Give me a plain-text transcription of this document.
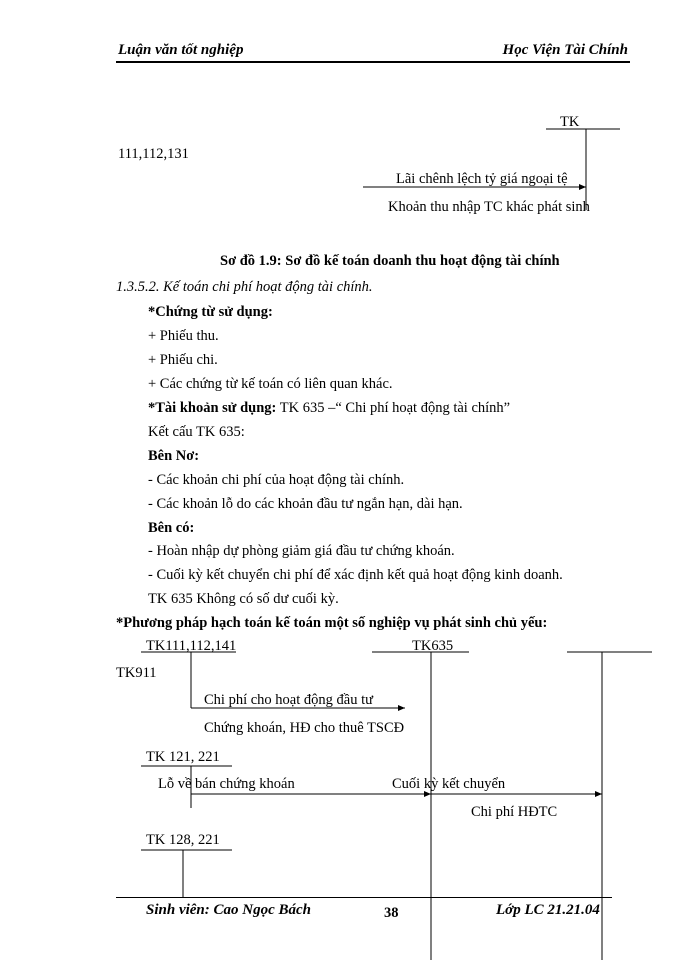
Luận văn tốt nghiệp	Học Viện Tài Chính
TK
111,112,131
Lãi chênh lệch tỷ giá ngoại tệ
Khoản thu nhập TC khác phát sinh
Sơ đồ 1.9: Sơ đồ kế toán doanh thu hoạt động tài chính
1.3.5.2. Kế toán chi phí hoạt động tài chính.
*Chứng từ sử dụng:
+ Phiếu thu.
+ Phiếu chi.
+ Các chứng từ kế toán có liên quan khác.
*Tài khoản sử dụng: TK 635 –“ Chi phí hoạt động tài chính”
Kết cấu TK 635:
Bên Nơ:
- Các khoản chi phí của hoạt động tài chính.
- Các khoản lỗ do các khoản đầu tư ngắn hạn, dài hạn.
Bên có:
- Hoàn nhập dự phòng giảm giá đầu tư chứng khoán.
- Cuối kỳ kết chuyển chi phí để xác định kết quả hoạt động kinh doanh.
TK 635 Không có số dư cuối kỳ.
*Phương pháp hạch toán kế toán một số nghiệp vụ phát sinh chủ yếu:
TK111,112,141	TK635
TK911
Chi phí cho hoạt động đầu tư
Chứng khoán, HĐ cho thuê TSCĐ
TK 121, 221
Lỗ về bán chứng khoán	Cuối kỳ kết chuyển
Chi phí HĐTC
TK 128, 221
Sinh viên: Cao Ngọc Bách	38	Lớp LC 21.21.04
